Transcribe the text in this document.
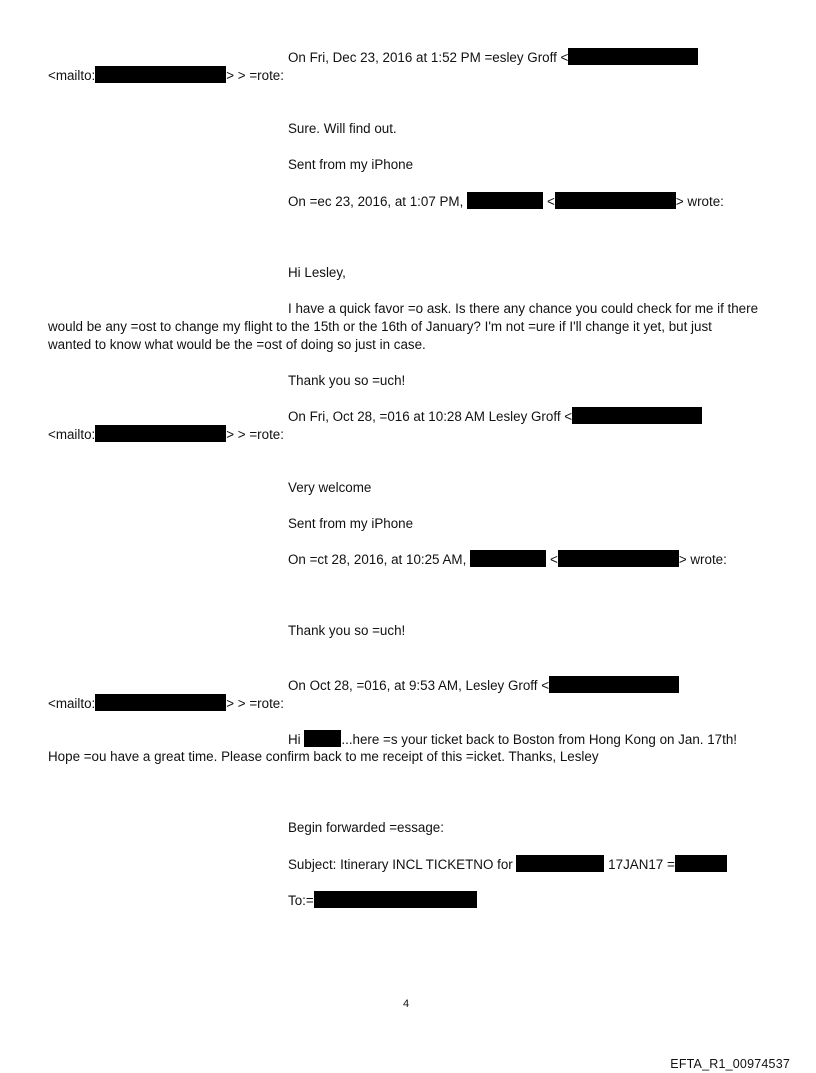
On Fri, Dec 23, 2016 at 1:52 PM =esley Groff <
<mailto:	> > =rote:
Sure. Will find out.
Sent from my iPhone
On =ec 23, 2016, at 1:07 PM,	<	> wrote:
Hi Lesley,
I have a quick favor =o ask. Is there any chance you could check for me if there
would be any =ost to change my flight to the 15th or the 16th of January? I'm not =ure if I'll change it yet, but just
wanted to know what would be the =ost of doing so just in case.
Thank you so =uch!
On Fri, Oct 28, =016 at 10:28 AM Lesley Groff <
<mailto:	> > =rote:
Very welcome
Sent from my iPhone
On =ct 28, 2016, at 10:25 AM,	<	> wrote:
Thank you so =uch!
On Oct 28, =016, at 9:53 AM, Lesley Groff <
<mailto:	> > =rote:
Hi	...here =s your ticket back to Boston from Hong Kong on Jan. 17th!
Hope =ou have a great time. Please confirm back to me receipt of this =icket. Thanks, Lesley
Begin forwarded =essage:
Subject: Itinerary INCL TICKETNO for	17JAN17 =
To:=
4
EFTA_R1_00974537
